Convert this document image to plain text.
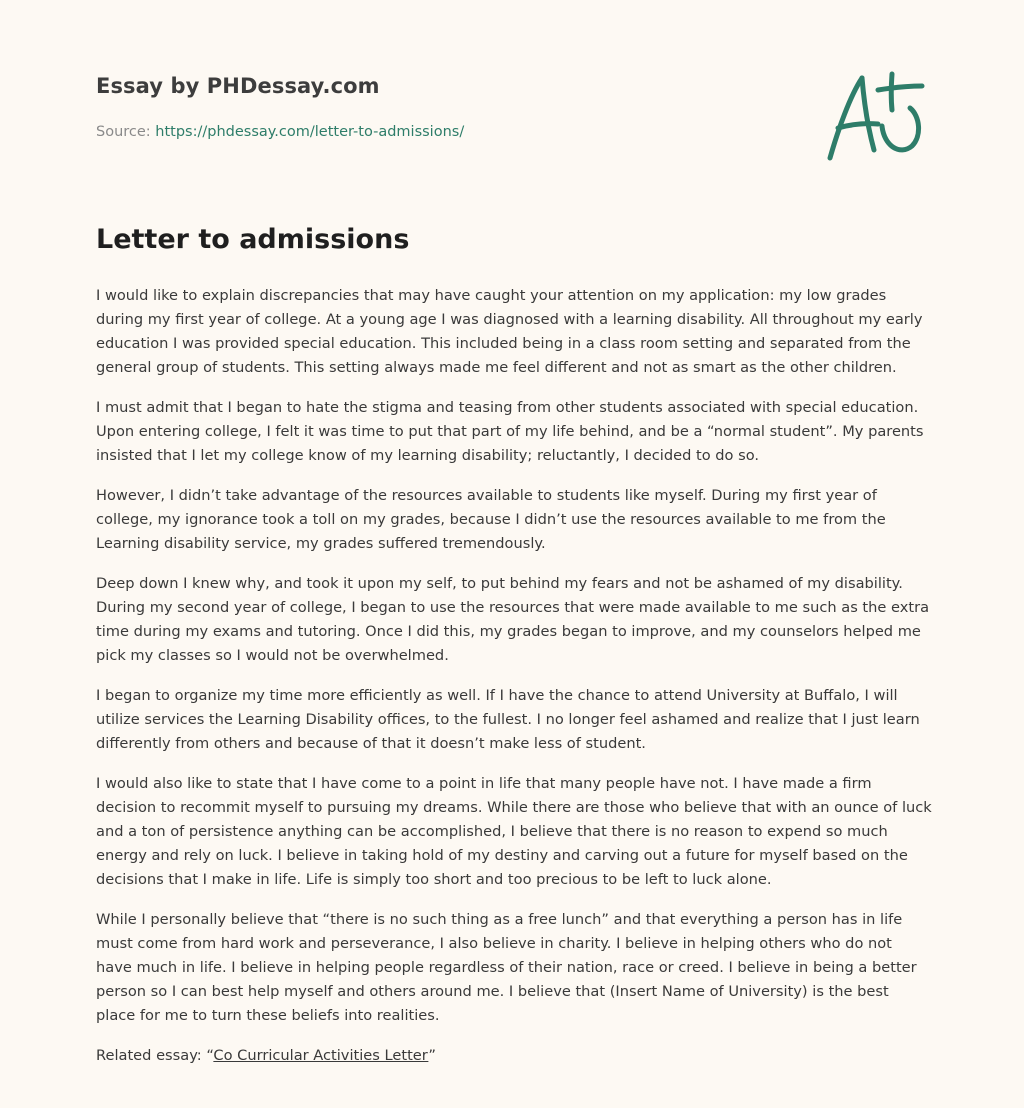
Essay by PHDessay.com
Source: https://phdessay.com/letter-to-admissions/
Letter to admissions

I would like to explain discrepancies that may have caught your attention on my application: my low grades during my first year of college. At a young age I was diagnosed with a learning disability. All throughout my early education I was provided special education. This included being in a class room setting and separated from the general group of students. This setting always made me feel different and not as smart as the other children.

I must admit that I began to hate the stigma and teasing from other students associated with special education. Upon entering college, I felt it was time to put that part of my life behind, and be a “normal student”. My parents insisted that I let my college know of my learning disability; reluctantly, I decided to do so.

However, I didn’t take advantage of the resources available to students like myself. During my first year of college, my ignorance took a toll on my grades, because I didn’t use the resources available to me from the Learning disability service, my grades suffered tremendously.

Deep down I knew why, and took it upon my self, to put behind my fears and not be ashamed of my disability. During my second year of college, I began to use the resources that were made available to me such as the extra time during my exams and tutoring. Once I did this, my grades began to improve, and my counselors helped me pick my classes so I would not be overwhelmed.

I began to organize my time more efficiently as well. If I have the chance to attend University at Buffalo, I will utilize services the Learning Disability offices, to the fullest. I no longer feel ashamed and realize that I just learn differently from others and because of that it doesn’t make less of student.

I would also like to state that I have come to a point in life that many people have not. I have made a firm decision to recommit myself to pursuing my dreams. While there are those who believe that with an ounce of luck and a ton of persistence anything can be accomplished, I believe that there is no reason to expend so much energy and rely on luck. I believe in taking hold of my destiny and carving out a future for myself based on the decisions that I make in life. Life is simply too short and too precious to be left to luck alone.

While I personally believe that “there is no such thing as a free lunch” and that everything a person has in life must come from hard work and perseverance, I also believe in charity. I believe in helping others who do not have much in life. I believe in helping people regardless of their nation, race or creed. I believe in being a better person so I can best help myself and others around me. I believe that (Insert Name of University) is the best place for me to turn these beliefs into realities.

Related essay: “Co Curricular Activities Letter”
